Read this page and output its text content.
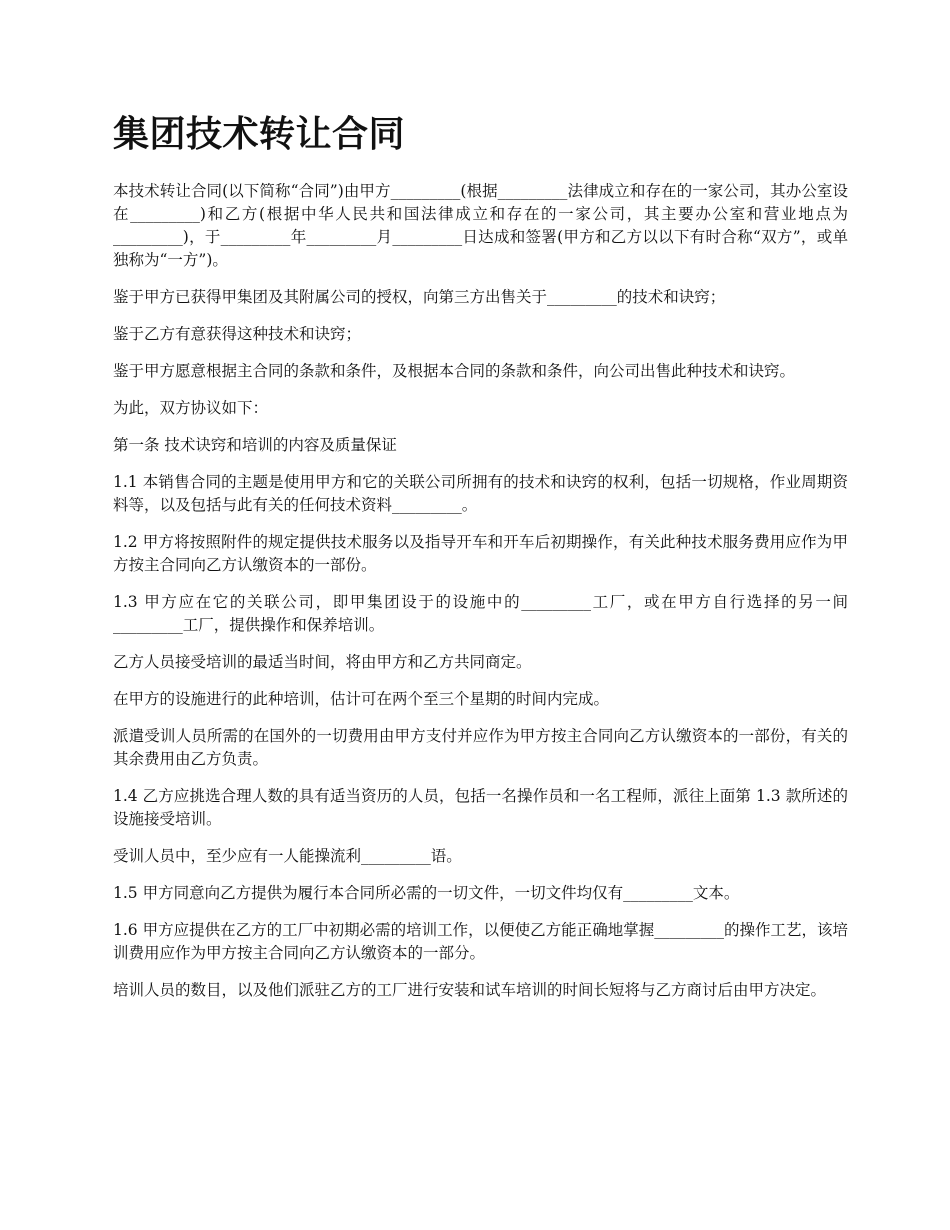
集团技术转让合同

本技术转让合同(以下简称“合同”)由甲方_________(根据_________法律成立和存在的一家公司，其办公室设在_________)和乙方(根据中华人民共和国法律成立和存在的一家公司，其主要办公室和营业地点为_________)，于_________年_________月_________日达成和签署(甲方和乙方以以下有时合称“双方”，或单独称为“一方”)。

鉴于甲方已获得甲集团及其附属公司的授权，向第三方出售关于_________的技术和诀窍；

鉴于乙方有意获得这种技术和诀窍；

鉴于甲方愿意根据主合同的条款和条件，及根据本合同的条款和条件，向公司出售此种技术和诀窍。

为此，双方协议如下：

第一条 技术诀窍和培训的内容及质量保证

1.1 本销售合同的主题是使用甲方和它的关联公司所拥有的技术和诀窍的权利，包括一切规格，作业周期资料等，以及包括与此有关的任何技术资料_________。

1.2 甲方将按照附件的规定提供技术服务以及指导开车和开车后初期操作，有关此种技术服务费用应作为甲方按主合同向乙方认缴资本的一部份。

1.3 甲方应在它的关联公司，即甲集团设于的设施中的_________工厂，或在甲方自行选择的另一间_________工厂，提供操作和保养培训。

乙方人员接受培训的最适当时间，将由甲方和乙方共同商定。

在甲方的设施进行的此种培训，估计可在两个至三个星期的时间内完成。

派遣受训人员所需的在国外的一切费用由甲方支付并应作为甲方按主合同向乙方认缴资本的一部份，有关的其余费用由乙方负责。

1.4 乙方应挑选合理人数的具有适当资历的人员，包括一名操作员和一名工程师，派往上面第 1.3 款所述的设施接受培训。

受训人员中，至少应有一人能操流利_________语。

1.5 甲方同意向乙方提供为履行本合同所必需的一切文件，一切文件均仅有_________文本。

1.6 甲方应提供在乙方的工厂中初期必需的培训工作，以便使乙方能正确地掌握_________的操作工艺，该培训费用应作为甲方按主合同向乙方认缴资本的一部分。

培训人员的数目，以及他们派驻乙方的工厂进行安装和试车培训的时间长短将与乙方商讨后由甲方决定。
